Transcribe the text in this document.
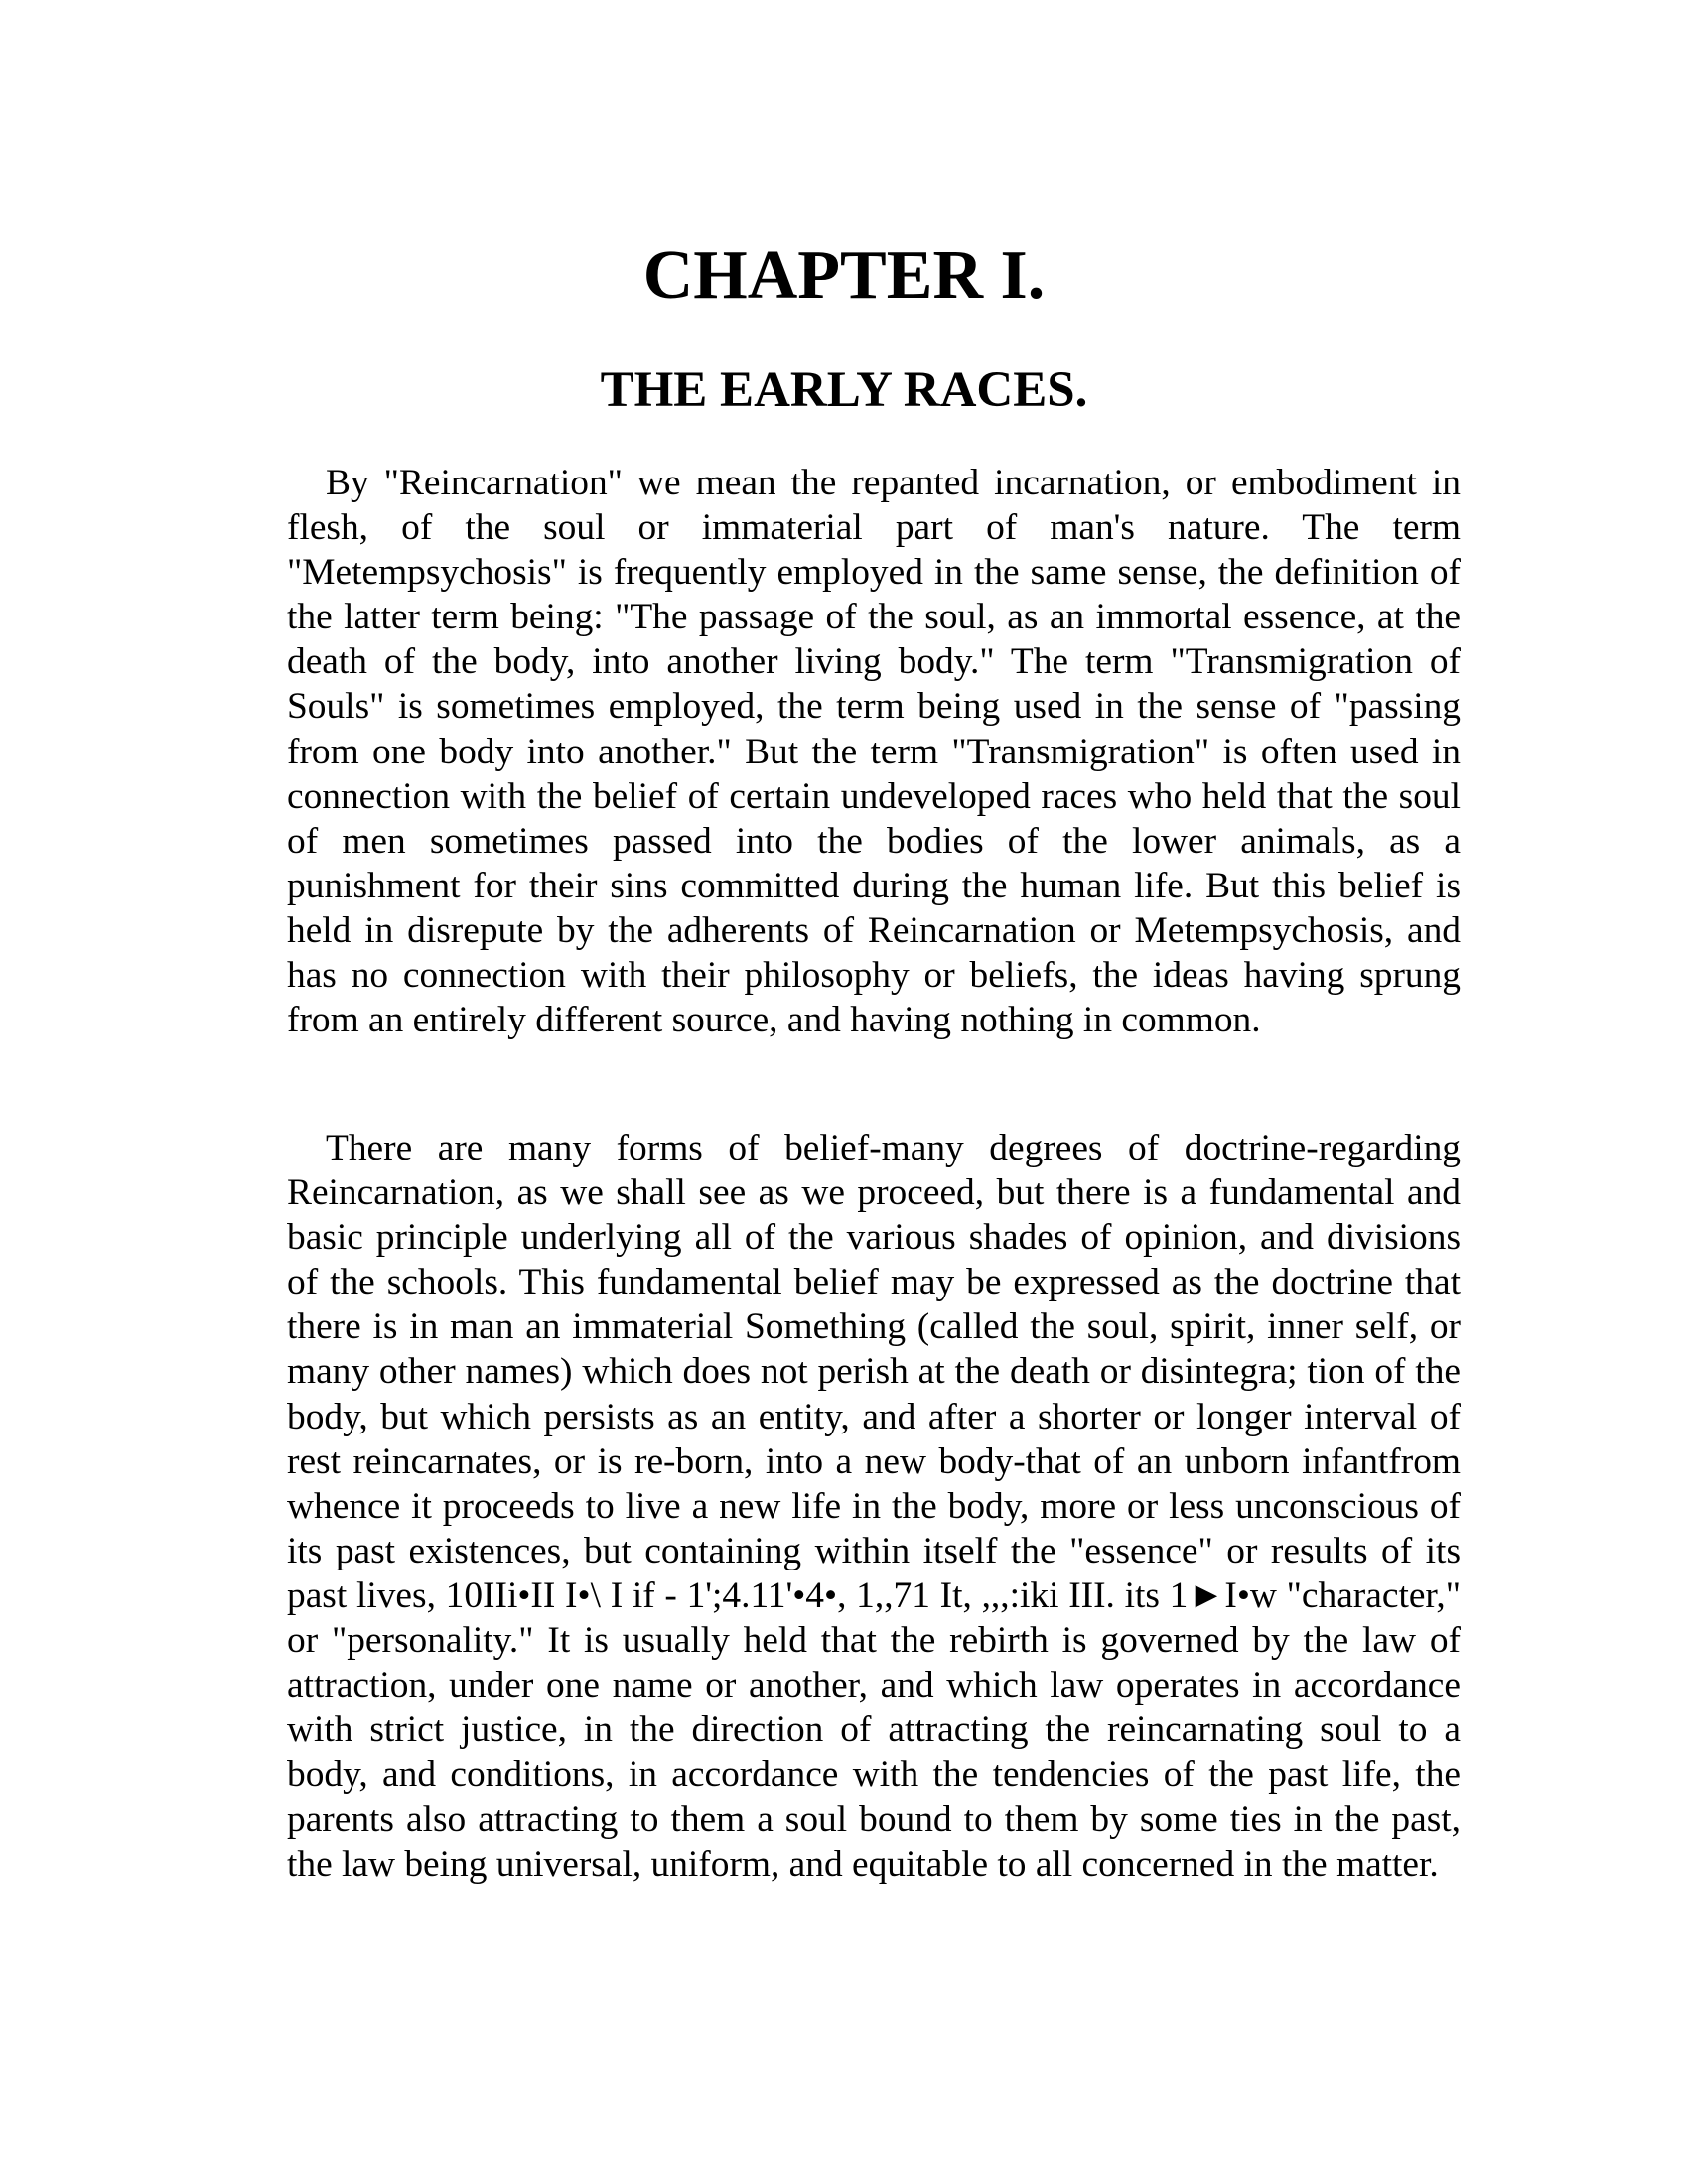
CHAPTER I.
THE EARLY RACES.

By "Reincarnation" we mean the repanted incarnation, or embodiment in flesh, of the soul or immaterial part of man's nature. The term "Metempsychosis" is frequently employed in the same sense, the definition of the latter term being: "The passage of the soul, as an immortal essence, at the death of the body, into another living body." The term "Transmigration of Souls" is sometimes employed, the term being used in the sense of "passing from one body into another." But the term "Transmigration" is often used in connection with the belief of certain undeveloped races who held that the soul of men sometimes passed into the bodies of the lower animals, as a punishment for their sins committed during the human life. But this belief is held in disrepute by the adherents of Reincarnation or Metempsychosis, and has no connection with their philosophy or beliefs, the ideas having sprung from an entirely different source, and having nothing in common.

There are many forms of belief-many degrees of doctrine-regarding Reincarnation, as we shall see as we proceed, but there is a fundamental and basic principle underlying all of the various shades of opinion, and divisions of the schools. This fundamental belief may be expressed as the doctrine that there is in man an immaterial Something (called the soul, spirit, inner self, or many other names) which does not perish at the death or disintegra; tion of the body, but which persists as an entity, and after a shorter or longer interval of rest reincarnates, or is re-born, into a new body-that of an unborn infantfrom whence it proceeds to live a new life in the body, more or less unconscious of its past existences, but containing within itself the "essence" or results of its past lives, 10IIi•II I•\ I if - 1';4.11'•4•, 1,,71 It, ,,,:iki III. its 1►I•w "character," or "personality." It is usually held that the rebirth is governed by the law of attraction, under one name or another, and which law operates in accordance with strict justice, in the direction of attracting the reincarnating soul to a body, and conditions, in accordance with the tendencies of the past life, the parents also attracting to them a soul bound to them by some ties in the past, the law being universal, uniform, and equitable to all concerned in the matter.
